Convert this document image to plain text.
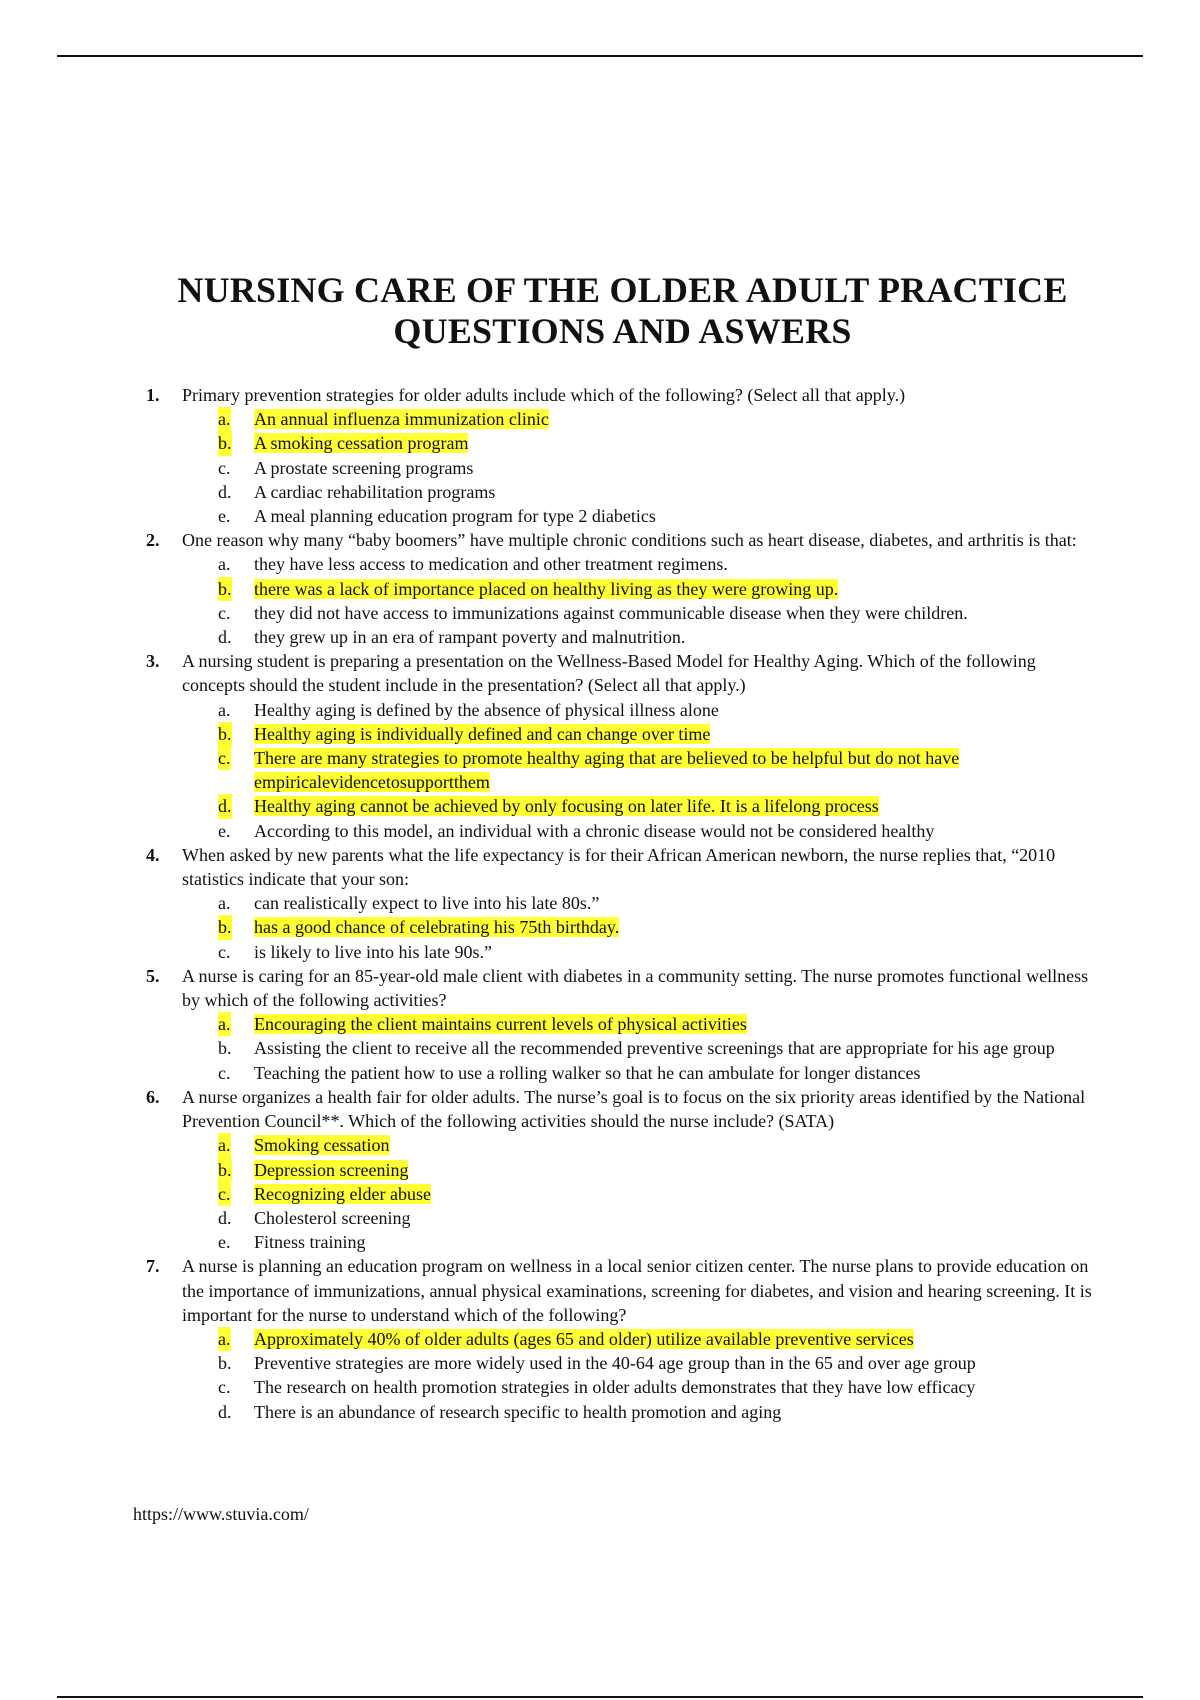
NURSING CARE OF THE OLDER ADULT PRACTICE
QUESTIONS AND ASWERS
1. Primary prevention strategies for older adults include which of the following? (Select all that apply.)
a. An annual influenza immunization clinic
b. A smoking cessation program
c. A prostate screening programs
d. A cardiac rehabilitation programs
e. A meal planning education program for type 2 diabetics
2. One reason why many “baby boomers” have multiple chronic conditions such as heart disease, diabetes, and arthritis is that:
a. they have less access to medication and other treatment regimens.
b. there was a lack of importance placed on healthy living as they were growing up.
c. they did not have access to immunizations against communicable disease when they were children.
d. they grew up in an era of rampant poverty and malnutrition.
3. A nursing student is preparing a presentation on the Wellness-Based Model for Healthy Aging. Which of the following concepts should the student include in the presentation? (Select all that apply.)
a. Healthy aging is defined by the absence of physical illness alone
b. Healthy aging is individually defined and can change over time
c. There are many strategies to promote healthy aging that are believed to be helpful but do not have empiricalevidencetosupportthem
d. Healthy aging cannot be achieved by only focusing on later life. It is a lifelong process
e. According to this model, an individual with a chronic disease would not be considered healthy
4. When asked by new parents what the life expectancy is for their African American newborn, the nurse replies that, “2010 statistics indicate that your son:
a. can realistically expect to live into his late 80s.”
b. has a good chance of celebrating his 75th birthday.
c. is likely to live into his late 90s.”
5. A nurse is caring for an 85-year-old male client with diabetes in a community setting. The nurse promotes functional wellness by which of the following activities?
a. Encouraging the client maintains current levels of physical activities
b. Assisting the client to receive all the recommended preventive screenings that are appropriate for his age group
c. Teaching the patient how to use a rolling walker so that he can ambulate for longer distances
6. A nurse organizes a health fair for older adults. The nurse’s goal is to focus on the six priority areas identified by the National Prevention Council**. Which of the following activities should the nurse include? (SATA)
a. Smoking cessation
b. Depression screening
c. Recognizing elder abuse
d. Cholesterol screening
e. Fitness training
7. A nurse is planning an education program on wellness in a local senior citizen center. The nurse plans to provide education on the importance of immunizations, annual physical examinations, screening for diabetes, and vision and hearing screening. It is important for the nurse to understand which of the following?
a. Approximately 40% of older adults (ages 65 and older) utilize available preventive services
b. Preventive strategies are more widely used in the 40-64 age group than in the 65 and over age group
c. The research on health promotion strategies in older adults demonstrates that they have low efficacy
d. There is an abundance of research specific to health promotion and aging
https://www.stuvia.com/
